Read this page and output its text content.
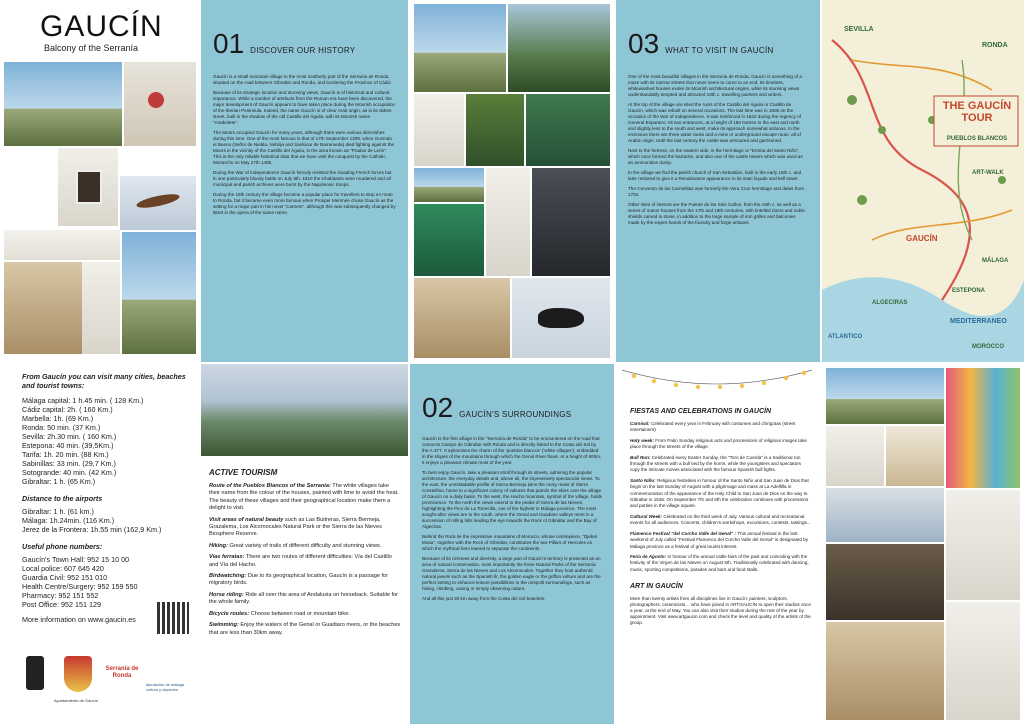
GAUCÍN
Balcony of the Serranía	01 DISCOVER OUR HISTORY

Gaucín is a small mountain village in the most southerly part of the Serranía de Ronda, situated on the road between Gibraltar and Ronda, and bordering the Province of Cádiz.

Because of its strategic location and stunning views, Gaucín is of historical and cultural importance. While a number of artefacts from the Roman era have been discovered, the major development of Gaucín appears to have taken place during the Moorish occupation of the Iberian Peninsula. Indeed, the name Gaucín is of clear Arab origin, as is its oldest street, built in the shadow of the old Castillo del Águila, with its Moorish name "Anabolete".

The Moors occupied Gaucín for many years, although there were various skirmishes during this time. One of the most famous is that of 17th September 1309, when Guzmán el Bueno (Señor de Niebla, Nebrija and Sanlúcar de Barrameda) died fighting against the Moors in the vicinity of the Castillo del Águila, in the area known as "Prados de León". This is the only reliable historical data that we have until the conquest by the Catholic Monarchs on May 27th 1485.

During the War of Independence Gaucín fiercely resisted the invading French forces but in one particularly bloody battle on July 8th, 1810 the inhabitants were murdered and all municipal and parish archives were burnt by the Napoleonic troops.

During the 19th century the village became a popular place for travellers to stop en route to Ronda, but it became even more famous when Prosper Merimée chose Gaucín as the setting for a major part in his novel "Carmen", although this was subsequently changed by Bizet in the opera of the same name.

03 WHAT TO VISIT IN GAUCÍN

One of the most beautiful villages in the Serranía de Ronda, Gaucín is something of a maze with its narrow streets that never seem to come to an end. Its timeless, whitewashed houses evoke its Moorish architectural origins, while its stunning views understandably tempted and attracted 19th c. travelling painters and writers.

At the top of the village are sited the ruins of the Castillo del Águila or Castillo de Gaucín, which was rebuilt on several occasions. The last time was in 1808 on the occasion of the War of Independence. It was reinforced in 1842 during the regency of General Espartero. Its two entrances, at a height of 150 metres to the east and north and slightly less to the south and west, make its approach somewhat arduous. In the enclosure there are three water tanks and a mine or underground escape route, all of Arabic origin. Until the last century the castle was armoured and garrisoned.

Next to the fortress, on the eastern side, is the hermitage or "Ermita del Santo Niño", which once formed the barracks, and also one of the castle towers which was used as an ammunition dump.

In the village we find the parish church of San Sebastián, built in the early 16th c. and later restored to give it a Renaissance appearance in its main façade and bell tower.

The Convento de las Carmelitas was formerly the Vera Cruz hermitage and dates from 1704.

Other sites of interest are the Fuente de los Seis Caños, from the 16th c. as well as a series of manor houses from the 17th and 18th centuries, with lintelled doors and noble shields carved in stone, in addition to the large sample of iron grilles and balconies made by the expert hands of the foundry and forge artisans.

SEVILLA
RONDA
THE GAUCÍN TOUR
PUEBLOS BLANCOS
ART-WALK
GAUCÍN
MÁLAGA
ESTEPONA
ALGECIRAS
MEDITERRANEO
MOROCCO
ATLANTICO
From Gaucín you can visit many cities, beaches and tourist towns:
Málaga capital: 1 h.45 min. ( 128 Km.)
Cádiz capital: 2h. ( 160 Km.)
Marbella: 1h. (69 Km.)
Ronda: 50 min. (37 Km.)
Sevilla: 2h.30 min. ( 160 Km.)
Estepona: 40 min. (39,5Km.)
Tarifa: 1h. 20 min. (88 Km.)
Sabinillas: 33 min. (29,7 Km.)
Sotogrande: 40 min. (42 Km.)
Gibraltar: 1 h. (65 Km.)
Distance to the airports
Gibraltar: 1 h. (61 km.)
Málaga: 1h.24min. (116 Km.)
Jerez de la Frontera: 1h.55 min (162,9 Km.)
Useful phone numbers:
Gaucín's Town Hall: 952 15 10 00
Local police: 607 645 420
Guardia Civil: 952 151 010
Health Centre/Surgery: 952 159 550
Pharmacy: 952 151 552
Post Office: 952 151 129
More information on www.gaucin.es
Ayuntamiento de Gaucín
Serranía de Ronda
diputación de málaga cultura y deportes
ACTIVE TOURISM

Route of the Pueblos Blancos of the Serranía: The white villages take their name from the colour of the houses, painted with lime to avoid the heat. The beauty of these villages and their geographical location make them a delight to visit.

Visit areas of natural beauty such as Las Buitreras, Sierra Bermeja, Grazalema, Los Alcornocales Natural Park or the Sierra de las Nieves Biosphere Reserve.

Hiking: Great variety of trails of different difficulty and stunning views.

Vías ferratas: There are two routes of different difficulties: Vía del Castillo and Vía del Hacho.

Birdwatching: Due to its geographical location, Gaucín is a passage for migratory birds.

Horse riding: Ride all over this area of Andalusia on horseback. Suitable for the whole family.

Bicycle routes: Choose between road or mountain bike.

Swimming: Enjoy the waters of the Genal or Guadiaro rivers, or the beaches that are less than 30km away.

02 GAUCÍN'S SURROUNDINGS

Gaucín is the first village in the "Serranía de Ronda" to be encountered on the road that connects Campo de Gibraltar with Ronda and is directly linked to the Costa del Sol by the A-377. It epitomises the charm of the 'pueblos blancos' ('white villages'), embedded in the slopes of the mountains through which the Genal River flows. At a height of 600m, it enjoys a pleasant climate most of the year.

To best enjoy Gaucín, take a pleasant stroll through its streets, admiring the popular architecture, the everyday details and, above all, the impressively spectacular views. To the east, the unmistakable profile of Sierra Bermeja joins the rocky mass of Sierra Crestellina, home to a significant colony of vultures that patrols the skies over the village of Gaucín on a daily basis. To the west, the Hacho mountain, symbol of the village, holds prominence. To the north the views extend to the peaks of Sierra de las Nieves, highlighting the Pico de La Torrecilla, one of the highest in Málaga province. The most sought-after views are to the south, where the Genal and Guadiaro valleys meet in a succession of rolling hills leading the eye towards the Rock of Gibraltar and the Bay of Algeciras.

Behind the Rock lie the impressive mountains of Morocco, whose centrepiece, "Djebel Musa", together with the Rock of Gibraltar, constitutes the two Pillars of Hercules on which the mythical hero leaned to separate the continents.

Because of its richness and diversity, a large part of Gaucín's territory is protected as an area of natural conservation, most importantly the three Natural Parks of the Serranía: Grazalema, Sierra de las Nieves and Los Alcornocales. Together they host authentic natural jewels such as the Spanish fir, the golden eagle or the griffon vulture and are the perfect setting to enhance leisure possibilities in the unspoilt surroundings, such as hiking, climbing, caving or simply observing nature.

And all this just 30 km away from the Costa del Sol beaches.

FIESTAS AND CELEBRATIONS IN GAUCÍN

Carnival: Celebrated every year in February with costumes and chirigotas (street entertainers)

Holy week: From Palm Sunday religious acts and processions of religious images take place through the streets of the village.

Bull Run: Celebrated every Easter Sunday, the "Toro de Cuerda" is a traditional run through the streets with a bull tied by the horns, while the youngsters and spectators copy the intricate moves associated with the famous Spanish bull fights.

Santo Niño: Religious festivities in honour of the Santo Niño and San Juan de Dios that begin on the last Sunday of August with a pilgrimage and mass at La Adelfilla in commemoration of the appearance of the Holy Child to San Juan de Dios on the way to Gibraltar in 1536. On September 7th and 8th the celebration continues with processions and parties in the village square.

Cultural Week: Celebrated on the third week of July. Various cultural and recreational events for all audiences. Concerts, children's workshops, excursions, contests, tastings...

Flamenco Festival "del Corcho Valle del Genal" : This annual festival in the last weekend of July called "Festival Flamenco del Corcho Valle del Genal" is designated by Málaga province as a festival of great tourist interest.

Feria de Agosto: In honour of the annual cattle fairs of the past and coinciding with the festivity of the Virgen de las Nieves on August 5th. Traditionally celebrated with dancing, music, sporting competitions, parades and bars and food stalls.

ART IN GAUCÍN

More than twenty artists from all disciplines live in Gaucín: painters, sculptors, photographers, ceramicists… who have joined in ARTGAUCÍN to open their studios once a year, at the end of May. You can also visit their studios during the rest of the year by appointment. Visit www.artgaucin.com and check the level and quality of the artists of the group.
